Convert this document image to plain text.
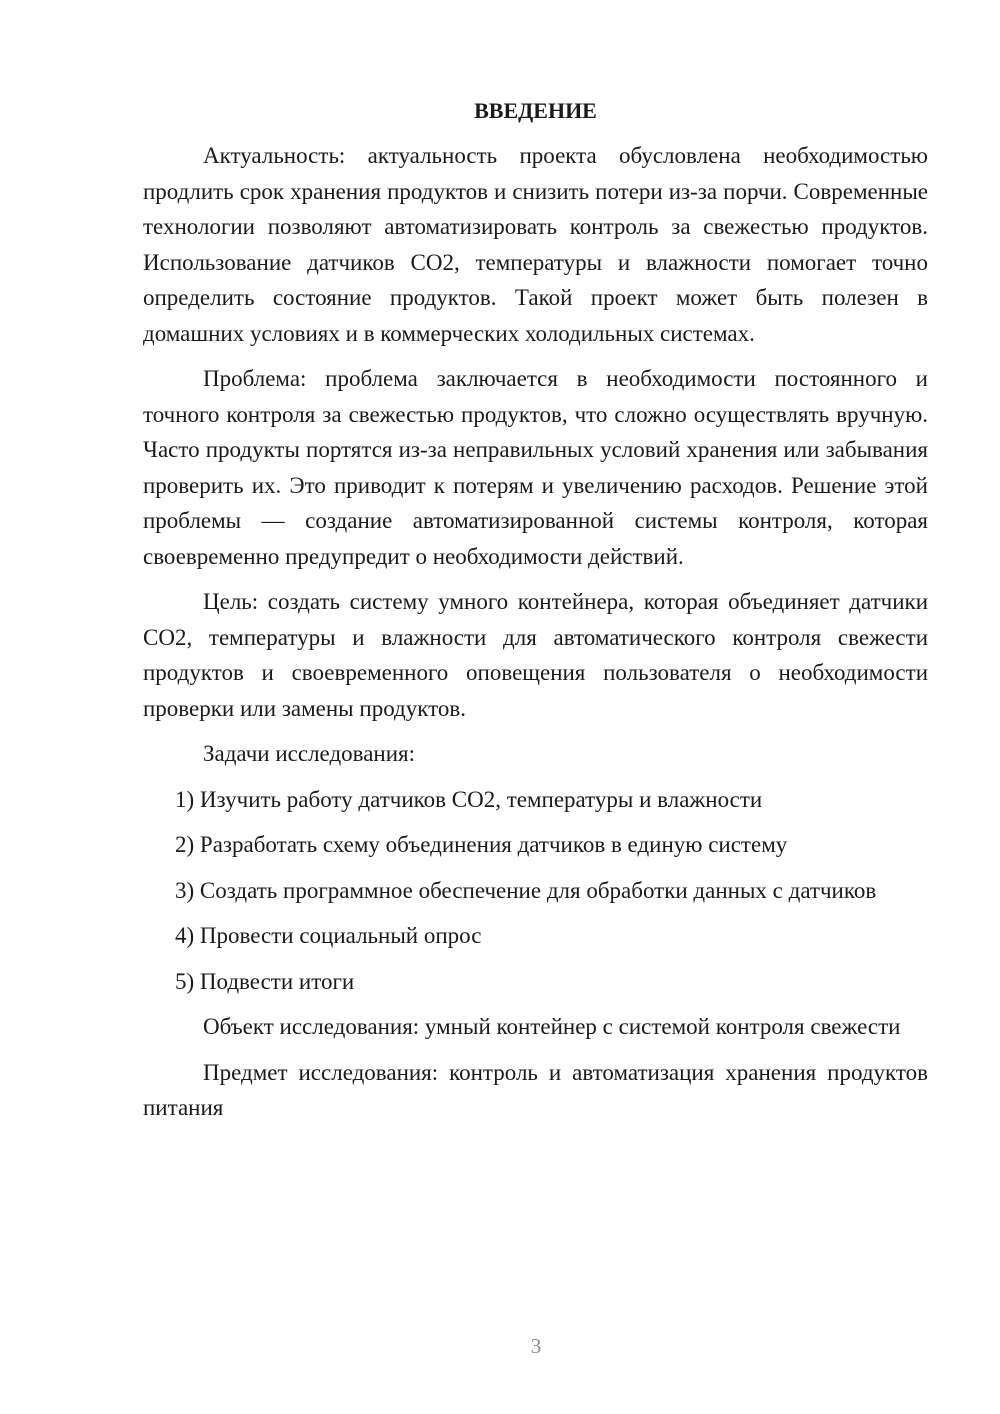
ВВЕДЕНИЕ

Актуальность: актуальность проекта обусловлена необходимостью продлить срок хранения продуктов и снизить потери из-за порчи. Современные технологии позволяют автоматизировать контроль за свежестью продуктов. Использование датчиков CO2, температуры и влажности помогает точно определить состояние продуктов. Такой проект может быть полезен в домашних условиях и в коммерческих холодильных системах.

Проблема: проблема заключается в необходимости постоянного и точного контроля за свежестью продуктов, что сложно осуществлять вручную. Часто продукты портятся из-за неправильных условий хранения или забывания проверить их. Это приводит к потерям и увеличению расходов. Решение этой проблемы — создание автоматизированной системы контроля, которая своевременно предупредит о необходимости действий.

Цель: создать систему умного контейнера, которая объединяет датчики CO2, температуры и влажности для автоматического контроля свежести продуктов и своевременного оповещения пользователя о необходимости проверки или замены продуктов.

Задачи исследования:

1) Изучить работу датчиков CO2, температуры и влажности

2) Разработать схему объединения датчиков в единую систему

3) Создать программное обеспечение для обработки данных с датчиков

4) Провести социальный опрос

5) Подвести итоги

Объект исследования: умный контейнер с системой контроля свежести

Предмет исследования: контроль и автоматизация хранения продуктов питания

3
